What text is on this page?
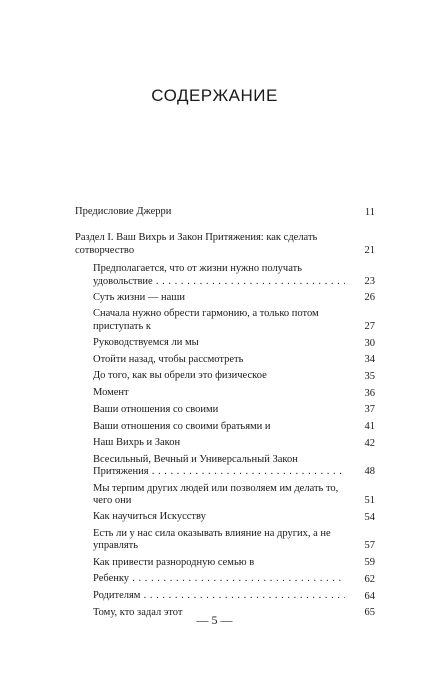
СОДЕРЖАНИЕ
Предисловие Джерри . . .	11
Раздел I. Ваш Вихрь и Закон Притяжения: как сделать сотворчество . . .	21
Предполагается, что от жизни нужно получать удовольствие . . .	23
Суть жизни — наши . . .	26
Сначала нужно обрести гармонию, а только потом приступать к . . .	27
Руководствуемся ли мы . . .	30
Отойти назад, чтобы рассмотреть . . .	34
До того, как вы обрели это физическое . . .	35
Момент . . .	36
Ваши отношения со своими . . .	37
Ваши отношения со своими братьями и . . .	41
Наш Вихрь и Закон . . .	42
Всесильный, Вечный и Универсальный Закон Притяжения . . .	48
Мы терпим других людей или позволяем им делать то, чего они . . .	51
Как научиться Искусству . . .	54
Есть ли у нас сила оказывать влияние на других, а не управлять . . .	57
Как привести разнородную семью в . . .	59
Ребенку . . .	62
Родителям . . .	64
Тому, кто задал этот . . .	65
— 5 —
